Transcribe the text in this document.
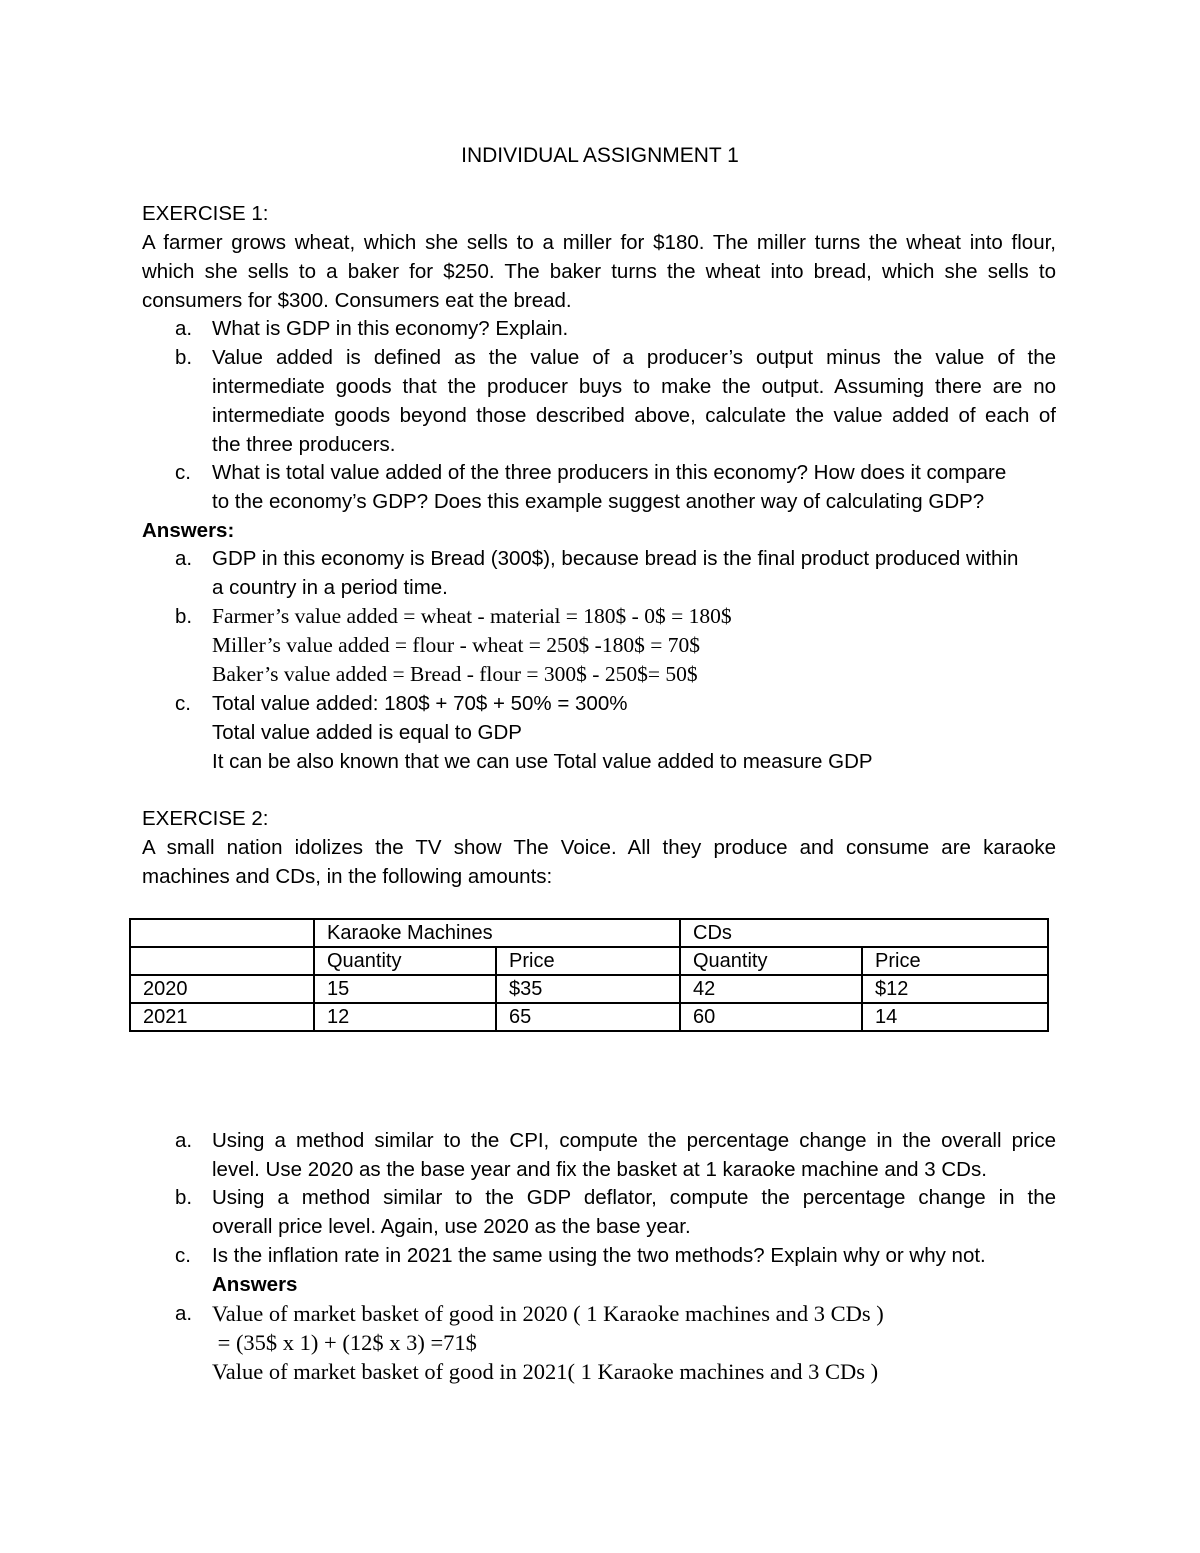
INDIVIDUAL ASSIGNMENT 1
EXERCISE 1:
A farmer grows wheat, which she sells to a miller for $180. The miller turns the wheat into flour,
which she sells to a baker for $250. The baker turns the wheat into bread, which she sells to
consumers for $300. Consumers eat the bread.
a. What is GDP in this economy? Explain.
b. Value added is defined as the value of a producer’s output minus the value of the
intermediate goods that the producer buys to make the output. Assuming there are no
intermediate goods beyond those described above, calculate the value added of each of
the three producers.
c. What is total value added of the three producers in this economy? How does it compare
to the economy’s GDP? Does this example suggest another way of calculating GDP?
Answers:
a. GDP in this economy is Bread (300$), because bread is the final product produced within
a country in a period time.
b. Farmer’s value added = wheat - material = 180$ - 0$ = 180$
Miller’s value added = flour - wheat = 250$ -180$ = 70$
Baker’s value added = Bread - flour = 300$ - 250$= 50$
c. Total value added: 180$ + 70$ + 50% = 300%
Total value added is equal to GDP
It can be also known that we can use Total value added to measure GDP
EXERCISE 2:
A small nation idolizes the TV show The Voice. All they produce and consume are karaoke
machines and CDs, in the following amounts:
	Karaoke Machines		CDs	
	Quantity	Price	Quantity	Price
2020	15	$35	42	$12
2021	12	65	60	14
a. Using a method similar to the CPI, compute the percentage change in the overall price
level. Use 2020 as the base year and fix the basket at 1 karaoke machine and 3 CDs.
b. Using a method similar to the GDP deflator, compute the percentage change in the
overall price level. Again, use 2020 as the base year.
c. Is the inflation rate in 2021 the same using the two methods? Explain why or why not.
Answers
a. Value of market basket of good in 2020 ( 1 Karaoke machines and 3 CDs )
= (35$ x 1) + (12$ x 3) =71$
Value of market basket of good in 2021( 1 Karaoke machines and 3 CDs )
